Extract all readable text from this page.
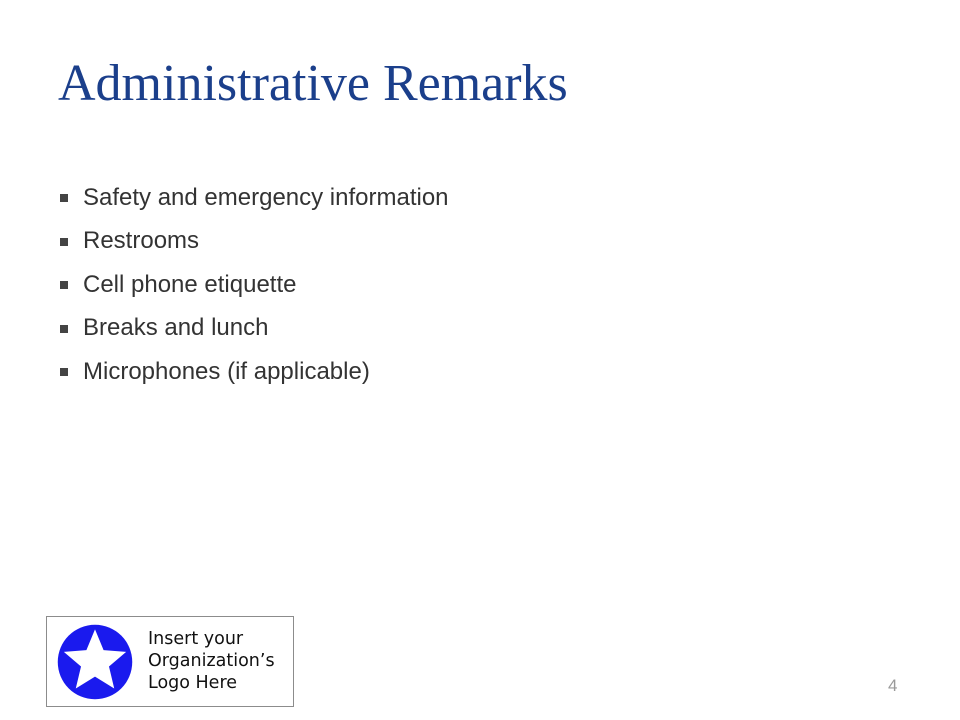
Administrative Remarks
Safety and emergency information
Restrooms
Cell phone etiquette
Breaks and lunch
Microphones (if applicable)
Insert your
Organization’s
Logo Here	4
